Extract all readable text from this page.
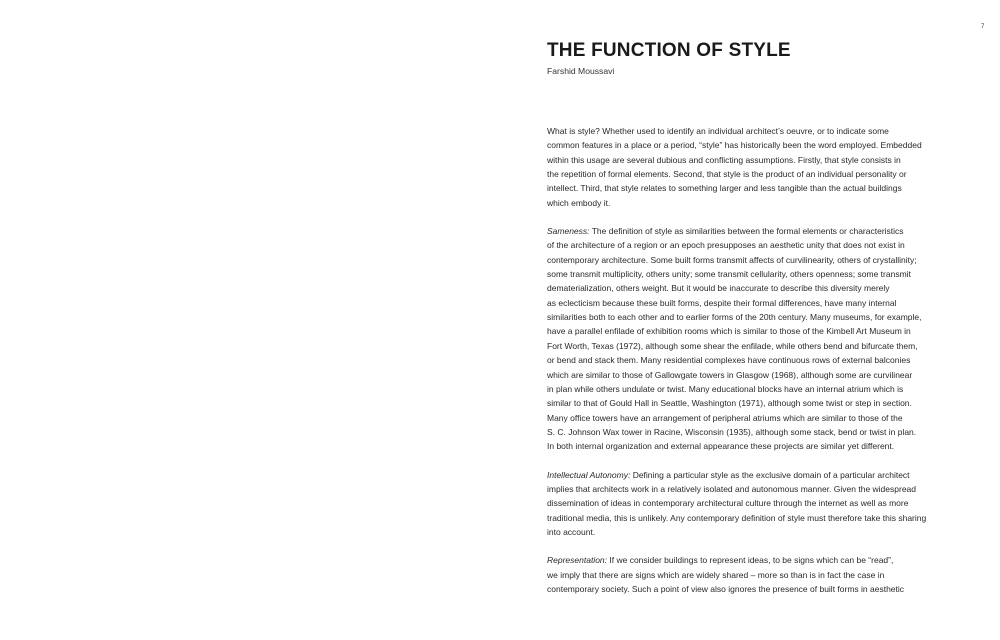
7
THE FUNCTION OF STYLE
Farshid Moussavi
What is style? Whether used to identify an individual architect’s oeuvre, or to indicate some
common features in a place or a period, “style” has historically been the word employed. Embedded
within this usage are several dubious and conflicting assumptions. Firstly, that style consists in
the repetition of formal elements. Second, that style is the product of an individual personality or
intellect. Third, that style relates to something larger and less tangible than the actual buildings
which embody it.
Sameness: The definition of style as similarities between the formal elements or characteristics
of the architecture of a region or an epoch presupposes an aesthetic unity that does not exist in
contemporary architecture. Some built forms transmit affects of curvilinearity, others of crystallinity;
some transmit multiplicity, others unity; some transmit cellularity, others openness; some transmit
dematerialization, others weight. But it would be inaccurate to describe this diversity merely
as eclecticism because these built forms, despite their formal differences, have many internal
similarities both to each other and to earlier forms of the 20th century. Many museums, for example,
have a parallel enfilade of exhibition rooms which is similar to those of the Kimbell Art Museum in
Fort Worth, Texas (1972), although some shear the enfilade, while others bend and bifurcate them,
or bend and stack them. Many residential complexes have continuous rows of external balconies
which are similar to those of Gallowgate towers in Glasgow (1968), although some are curvilinear
in plan while others undulate or twist. Many educational blocks have an internal atrium which is
similar to that of Gould Hall in Seattle, Washington (1971), although some twist or step in section.
Many office towers have an arrangement of peripheral atriums which are similar to those of the
S. C. Johnson Wax tower in Racine, Wisconsin (1935), although some stack, bend or twist in plan.
In both internal organization and external appearance these projects are similar yet different.
Intellectual Autonomy: Defining a particular style as the exclusive domain of a particular architect
implies that architects work in a relatively isolated and autonomous manner. Given the widespread
dissemination of ideas in contemporary architectural culture through the internet as well as more
traditional media, this is unlikely. Any contemporary definition of style must therefore take this sharing
into account.
Representation: If we consider buildings to represent ideas, to be signs which can be “read”,
we imply that there are signs which are widely shared – more so than is in fact the case in
contemporary society. Such a point of view also ignores the presence of built forms in aesthetic
